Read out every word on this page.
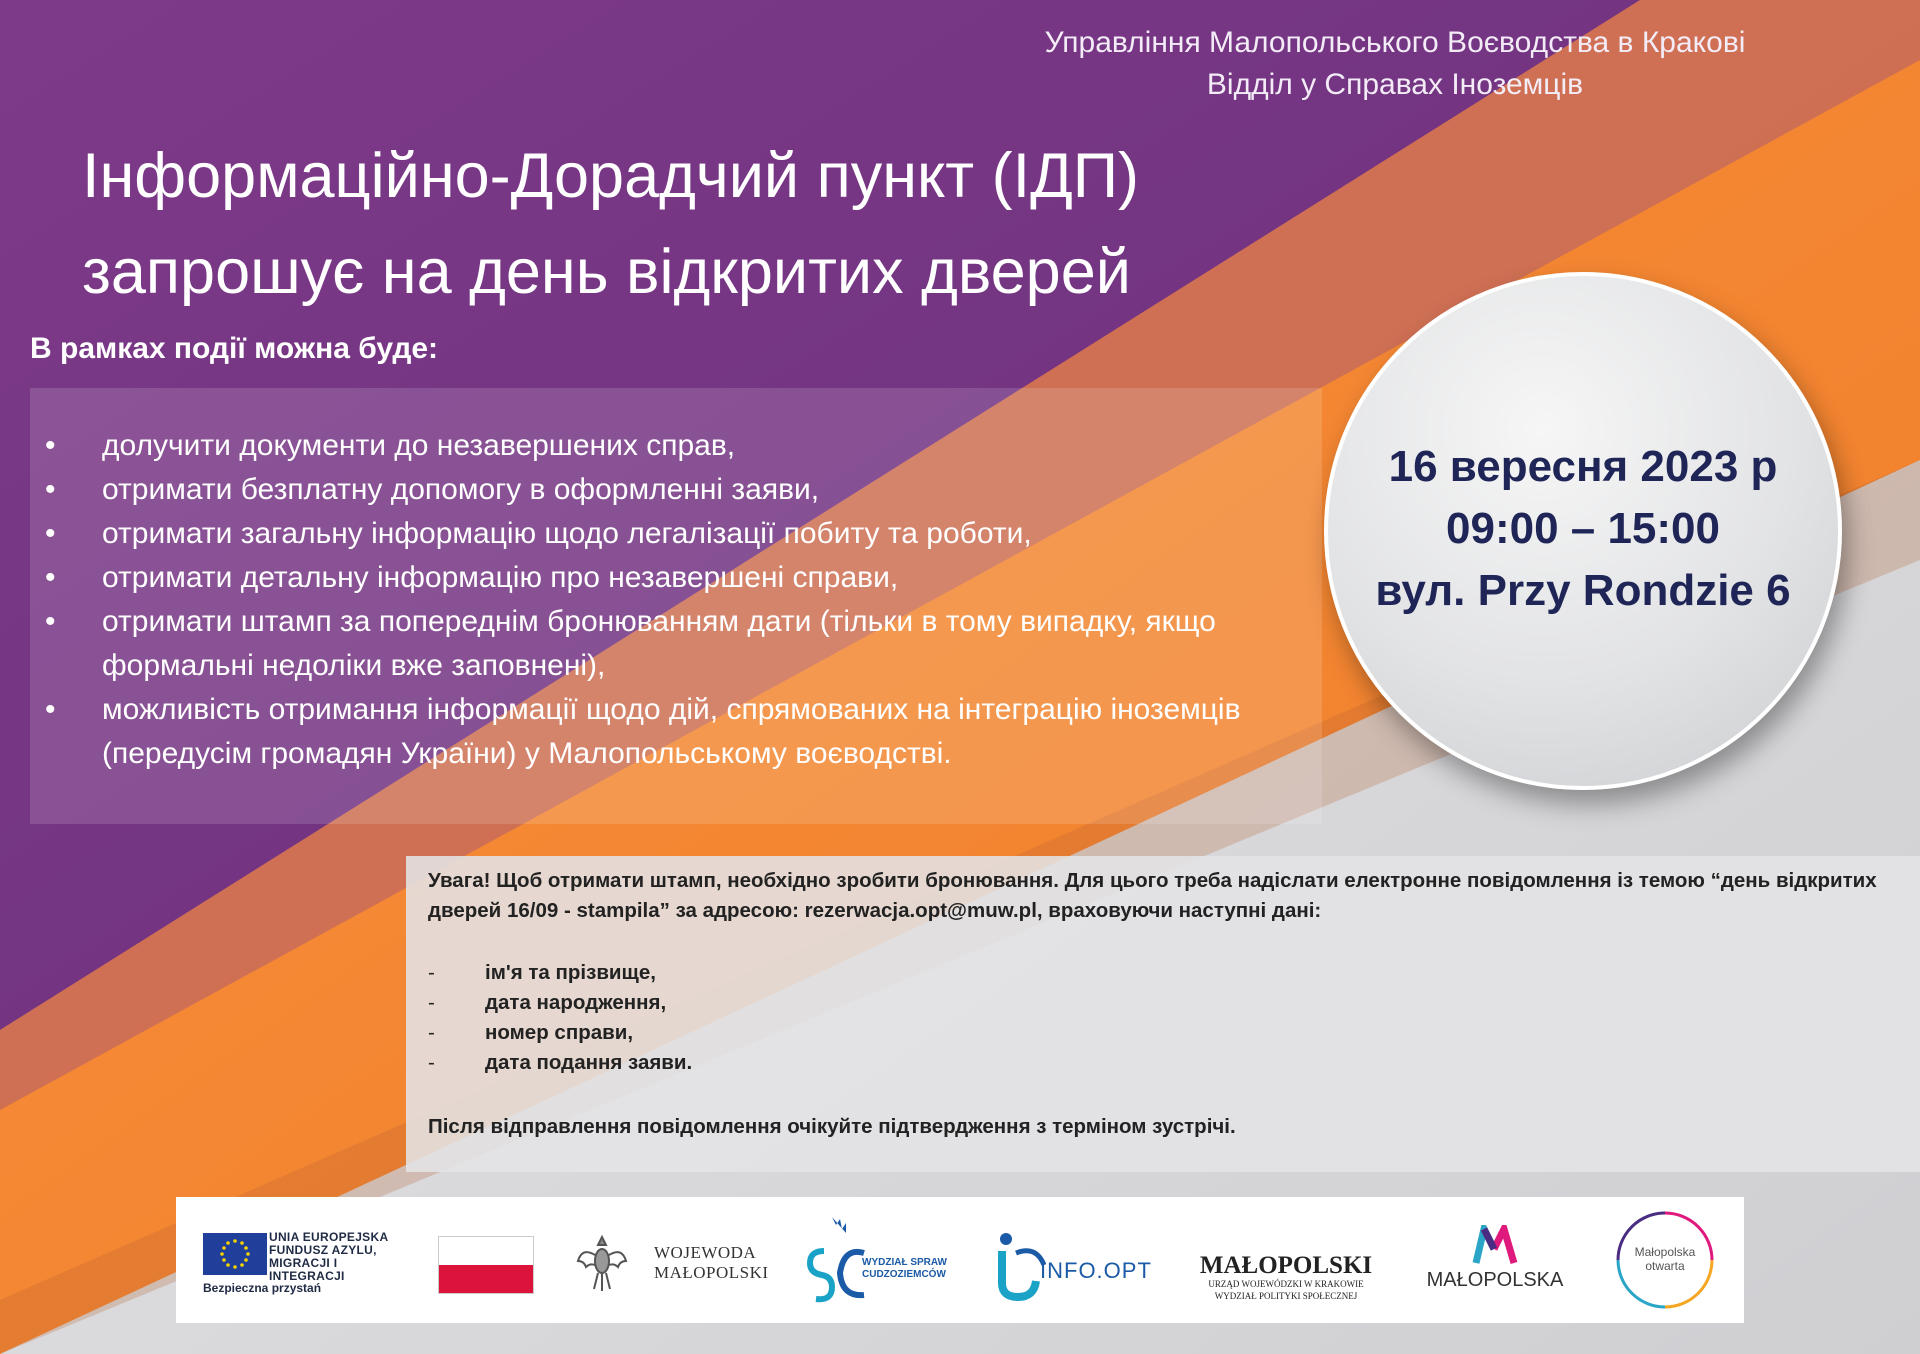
Управління Малопольського Воєводства в Кракові
Відділ у Справах Іноземців
Інформаційно-Дорадчий пункт (ІДП)
запрошує на день відкритих дверей
В рамках події можна буде:
• долучити документи до незавершених справ,
• отримати безплатну допомогу в оформленні заяви,
• отримати загальну інформацію щодо легалізації побиту та роботи,
• отримати детальну інформацію про незавершені справи,
• отримати штамп за попереднім бронюванням дати (тільки в тому випадку, якщо формальні недоліки вже заповнені),
• можливість отримання інформації щодо дій, спрямованих на інтеграцію іноземців (передусім громадян України) у Малопольському воєводстві.
16 вересня 2023 р
09:00 – 15:00
вул. Przy Rondzie 6
Увага! Щоб отримати штамп, необхідно зробити бронювання. Для цього треба надіслати електронне повідомлення із темою “день відкритих дверей 16/09 - stampila” за адресою: rezerwacja.opt@muw.pl, враховуючи наступні дані:
- ім'я та прізвище,
- дата народження,
- номер справи,
- дата подання заяви.
Після відправлення повідомлення очікуйте підтвердження з терміном зустрічі.
UNIA EUROPEJSKA
FUNDUSZ AZYLU,
MIGRACJI I INTEGRACJI
Bezpieczna przystań
WOJEWODA
MAŁOPOLSKI
WYDZIAŁ SPRAW
CUDZOZIEMCÓW	INFO.OPT MAŁOPOLSKI
URZĄD WOJEWÓDZKI W KRAKOWIE
WYDZIAŁ POLITYKI SPOŁECZNEJ
MAŁOPOLSKA
Małopolska
otwarta
